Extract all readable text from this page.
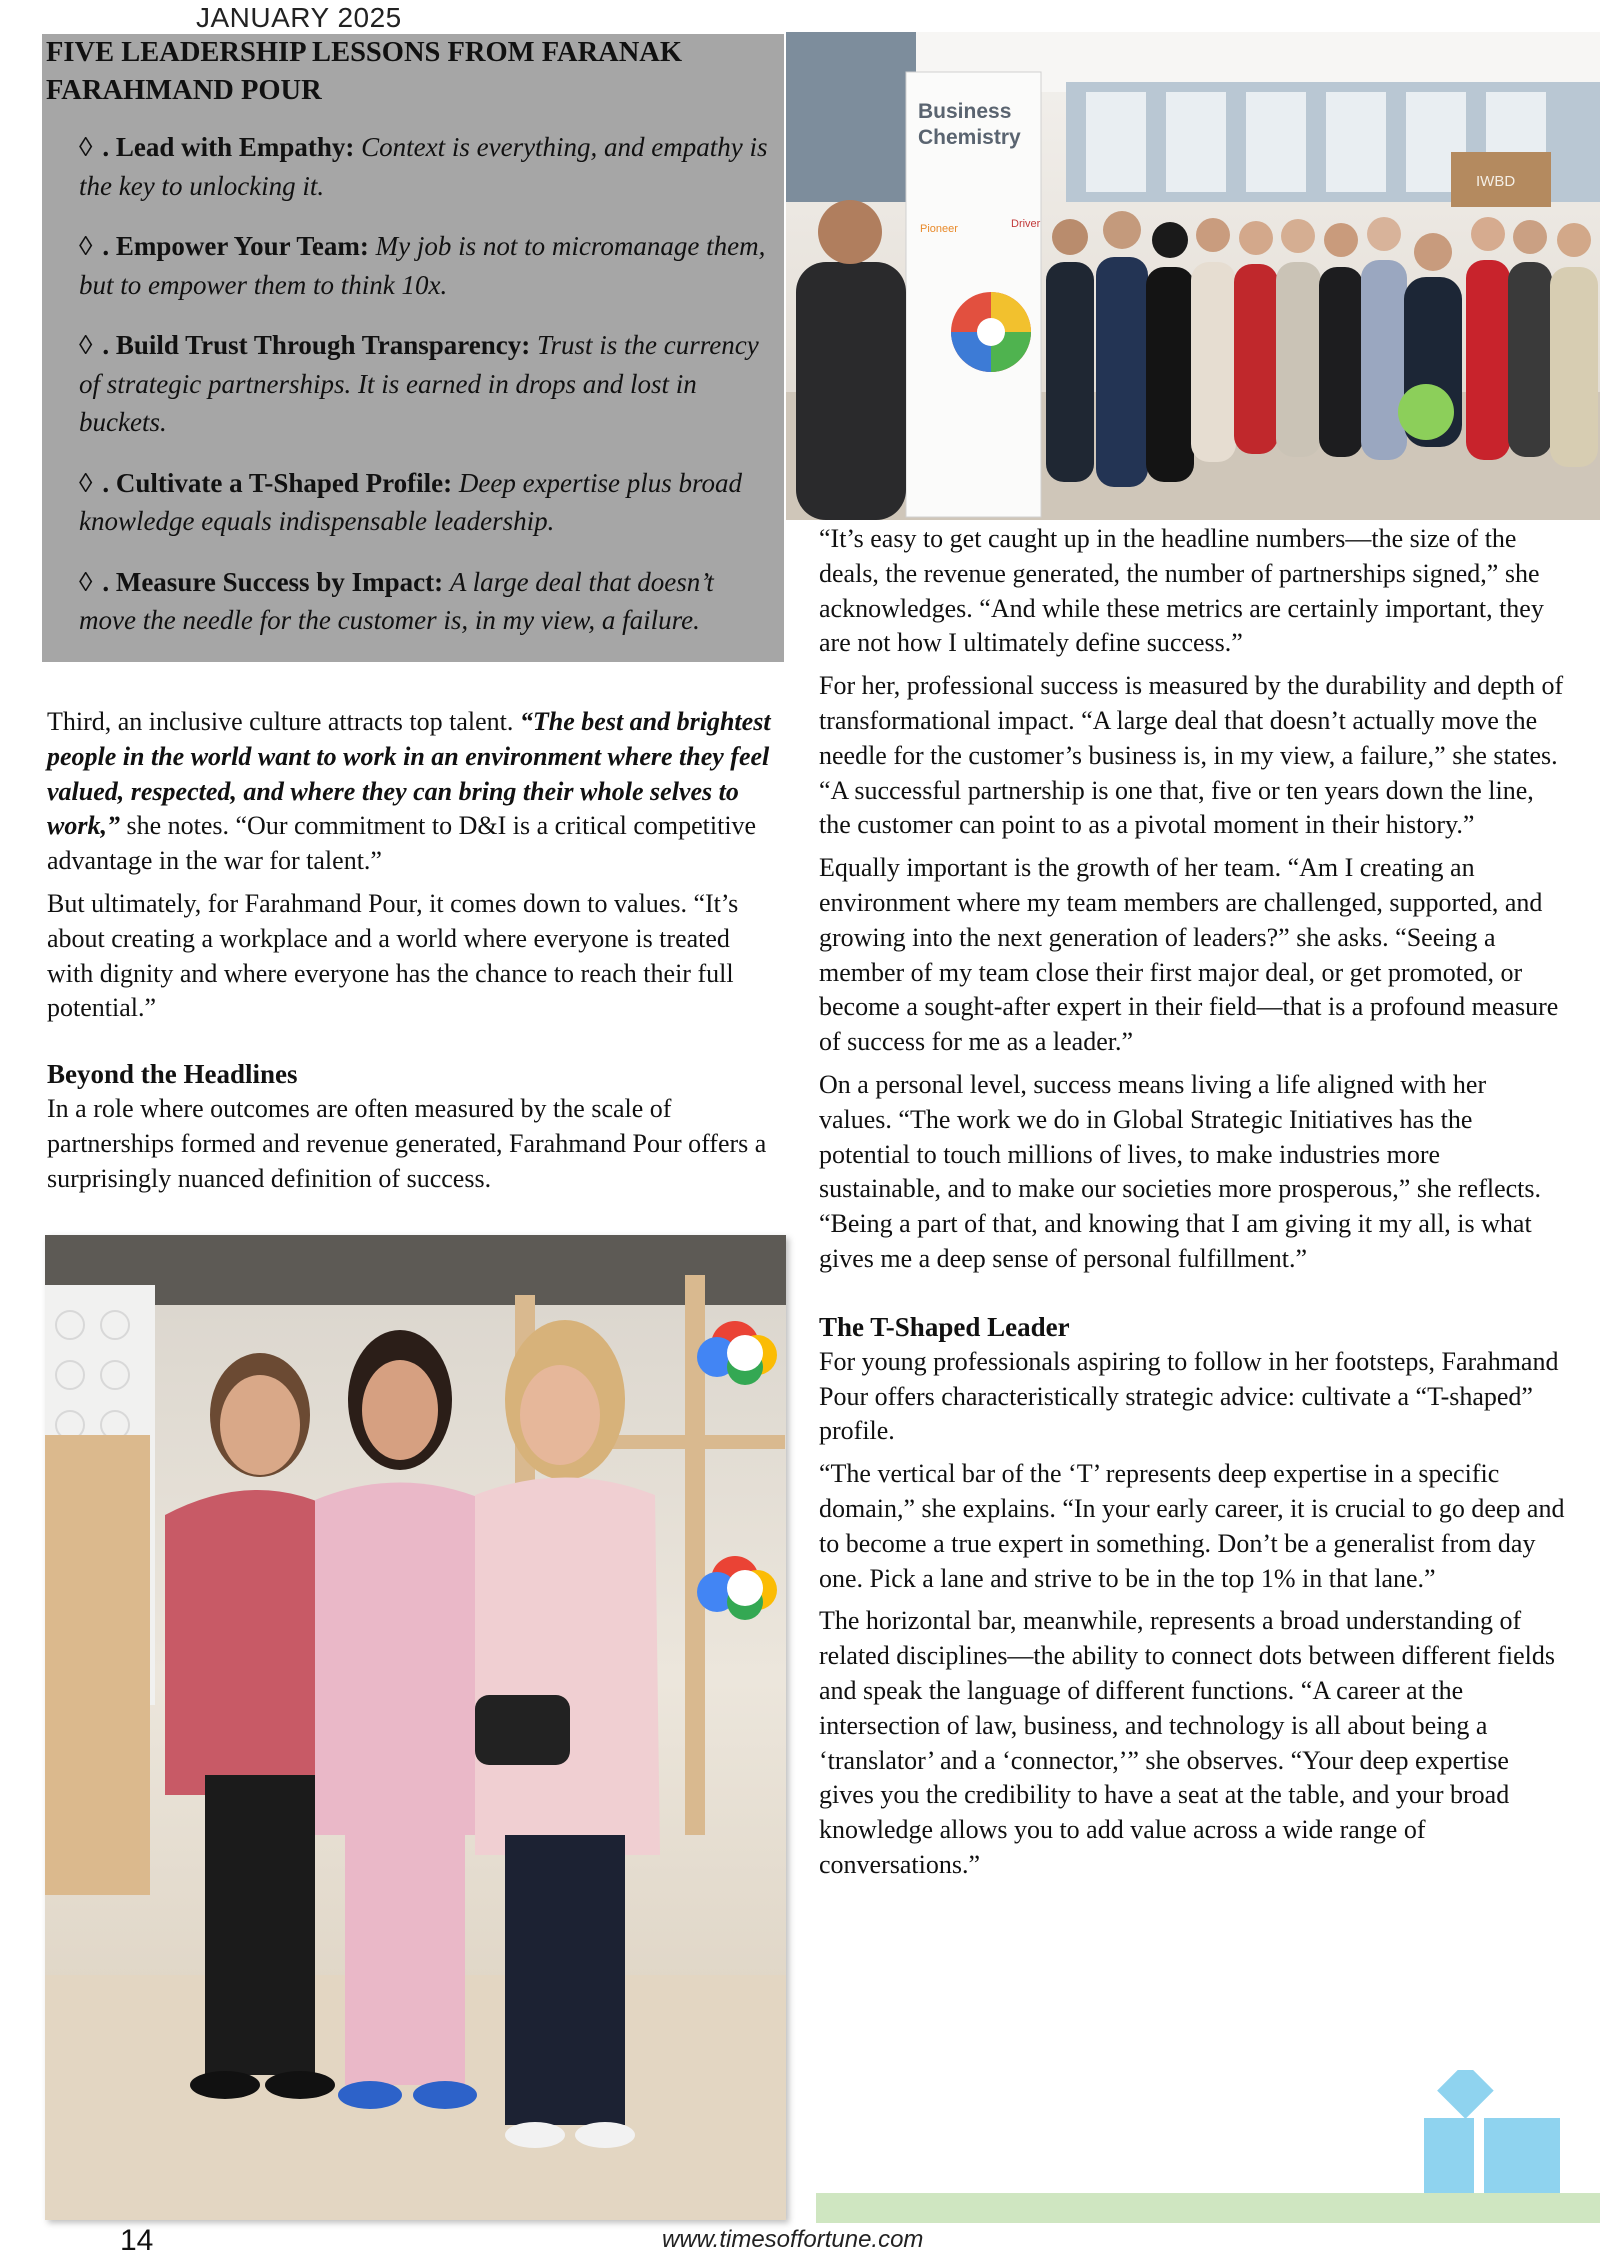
JANUARY 2025
FIVE LEADERSHIP LESSONS FROM FARANAK FARAHMAND POUR

◊ . Lead with Empathy: Context is everything, and empathy is the key to unlocking it.

◊ . Empower Your Team: My job is not to micromanage them, but to empower them to think 10x.

◊ . Build Trust Through Transparency: Trust is the currency of strategic partnerships. It is earned in drops and lost in buckets.

◊ . Cultivate a T-Shaped Profile: Deep expertise plus broad knowledge equals indispensable leadership.

◊ . Measure Success by Impact: A large deal that doesn’t move the needle for the customer is, in my view, a failure.

Business
Chemistry
Pioneer	Driver
IWBD

Third, an inclusive culture attracts top talent. “The best and brightest people in the world want to work in an environment where they feel valued, respected, and where they can bring their whole selves to work,” she notes. “Our commitment to D&I is a critical competitive advantage in the war for talent.”

But ultimately, for Farahmand Pour, it comes down to values. “It’s about creating a workplace and a world where everyone is treated with dignity and where everyone has the chance to reach their full potential.”

Beyond the Headlines

In a role where outcomes are often measured by the scale of partnerships formed and revenue generated, Farahmand Pour offers a surprisingly nuanced definition of success.

“It’s easy to get caught up in the headline numbers—the size of the deals, the revenue generated, the number of partnerships signed,” she acknowledges. “And while these metrics are certainly important, they are not how I ultimately define success.”

For her, professional success is measured by the durability and depth of transformational impact. “A large deal that doesn’t actually move the needle for the customer’s business is, in my view, a failure,” she states. “A successful partnership is one that, five or ten years down the line, the customer can point to as a pivotal moment in their history.”

Equally important is the growth of her team. “Am I creating an environment where my team members are challenged, supported, and growing into the next generation of leaders?” she asks. “Seeing a member of my team close their first major deal, or get promoted, or become a sought-after expert in their field—that is a profound measure of success for me as a leader.”

On a personal level, success means living a life aligned with her values. “The work we do in Global Strategic Initiatives has the potential to touch millions of lives, to make industries more sustainable, and to make our societies more prosperous,” she reflects. “Being a part of that, and knowing that I am giving it my all, is what gives me a deep sense of personal fulfillment.”

The T-Shaped Leader

For young professionals aspiring to follow in her footsteps, Farahmand Pour offers characteristically strategic advice: cultivate a “T-shaped” profile.

“The vertical bar of the ‘T’ represents deep expertise in a specific domain,” she explains. “In your early career, it is crucial to go deep and to become a true expert in something. Don’t be a generalist from day one. Pick a lane and strive to be in the top 1% in that lane.”

The horizontal bar, meanwhile, represents a broad understanding of related disciplines—the ability to connect dots between different fields and speak the language of different functions. “A career at the intersection of law, business, and technology is all about being a ‘translator’ and a ‘connector,’” she observes. “Your deep expertise gives you the credibility to have a seat at the table, and your broad knowledge allows you to add value across a wide range of conversations.”

14	www.timesoffortune.com
